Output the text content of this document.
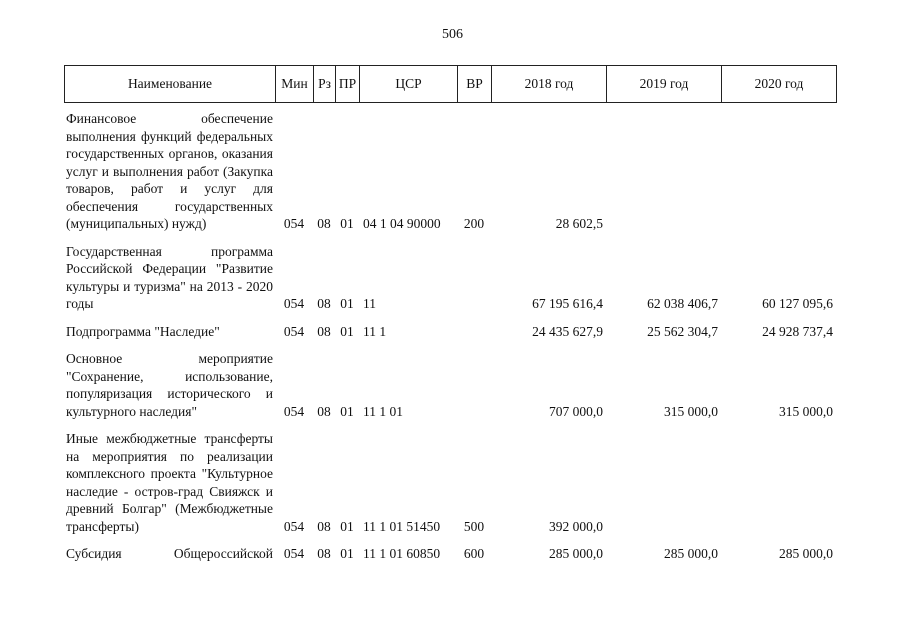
506
Наименование	Мин	Рз	ПР	ЦСР	ВР	2018 год	2019 год	2020 год
Финансовое обеспечение выполнения функций федеральных государственных органов, оказания услуг и выполнения работ (Закупка товаров, работ и услуг для обеспечения государственных (муниципальных) нужд)	054	08	01	04 1 04 90000	200	28 602,5		

Государственная программа Российской Федерации "Развитие культуры и туризма" на 2013 - 2020 годы	054	08	01	11		67 195 616,4	62 038 406,7	60 127 095,6

Подпрограмма "Наследие"	054	08	01	11 1		24 435 627,9	25 562 304,7	24 928 737,4

Основное мероприятие "Сохранение, использование, популяризация исторического и культурного наследия"	054	08	01	11 1 01		707 000,0	315 000,0	315 000,0

Иные межбюджетные трансферты на мероприятия по реализации комплексного проекта "Культурное наследие - остров-град Свияжск и древний Болгар" (Межбюджетные трансферты)	054	08	01	11 1 01 51450	500	392 000,0		

Субсидия Общероссийской	054	08	01	11 1 01 60850	600	285 000,0	285 000,0	285 000,0
